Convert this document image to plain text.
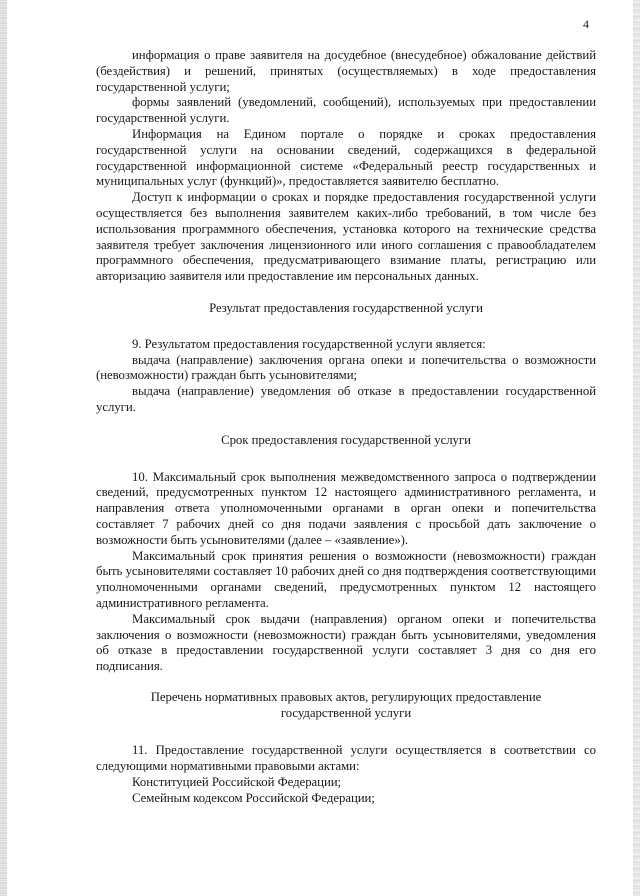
4

информация о праве заявителя на досудебное (внесудебное) обжалование действий (бездействия) и решений, принятых (осуществляемых) в ходе предоставления государственной услуги;

формы заявлений (уведомлений, сообщений), используемых при предоставлении государственной услуги.

Информация на Едином портале о порядке и сроках предоставления государственной услуги на основании сведений, содержащихся в федеральной государственной информационной системе «Федеральный реестр государственных и муниципальных услуг (функций)», предоставляется заявителю бесплатно.

Доступ к информации о сроках и порядке предоставления государственной услуги осуществляется без выполнения заявителем каких-либо требований, в том числе без использования программного обеспечения, установка которого на технические средства заявителя требует заключения лицензионного или иного соглашения с правообладателем программного обеспечения, предусматривающего взимание платы, регистрацию или авторизацию заявителя или предоставление им персональных данных.

Результат предоставления государственной услуги

9. Результатом предоставления государственной услуги является:

выдача (направление) заключения органа опеки и попечительства о возможности (невозможности) граждан быть усыновителями;

выдача (направление) уведомления об отказе в предоставлении государственной услуги.

Срок предоставления государственной услуги

10. Максимальный срок выполнения межведомственного запроса о подтверждении сведений, предусмотренных пунктом 12 настоящего административного регламента, и направления ответа уполномоченными органами в орган опеки и попечительства составляет 7 рабочих дней со дня подачи заявления с просьбой дать заключение о возможности быть усыновителями (далее – «заявление»).

Максимальный срок принятия решения о возможности (невозможности) граждан быть усыновителями составляет 10 рабочих дней со дня подтверждения соответствующими уполномоченными органами сведений, предусмотренных пунктом 12 настоящего административного регламента.

Максимальный срок выдачи (направления) органом опеки и попечительства заключения о возможности (невозможности) граждан быть усыновителями, уведомления об отказе в предоставлении государственной услуги составляет 3 дня со дня его подписания.

Перечень нормативных правовых актов, регулирующих предоставление государственной услуги

11. Предоставление государственной услуги осуществляется в соответствии со следующими нормативными правовыми актами:

Конституцией Российской Федерации;

Семейным кодексом Российской Федерации;
